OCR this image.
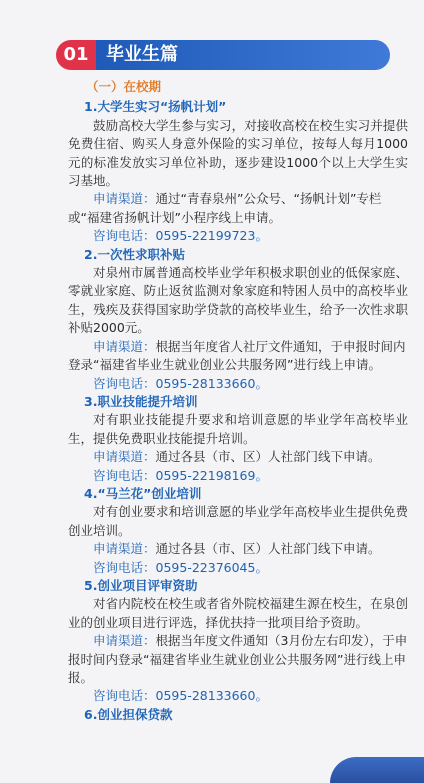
01 毕业生篇

（一）在校期

1.大学生实习“扬帆计划”

鼓励高校大学生参与实习，对接收高校在校生实习并提供免费住宿、购买人身意外保险的实习单位，按每人每月1000元的标准发放实习单位补助，逐步建设1000个以上大学生实习基地。

申请渠道：通过“青春泉州”公众号、“扬帆计划”专栏或“福建省扬帆计划”小程序线上申请。

咨询电话：0595-22199723。

2.一次性求职补贴

对泉州市属普通高校毕业学年积极求职创业的低保家庭、零就业家庭、防止返贫监测对象家庭和特困人员中的高校毕业生，残疾及获得国家助学贷款的高校毕业生，给予一次性求职补贴2000元。

申请渠道：根据当年度省人社厅文件通知，于申报时间内登录“福建省毕业生就业创业公共服务网”进行线上申请。

咨询电话：0595-28133660。

3.职业技能提升培训

对有职业技能提升要求和培训意愿的毕业学年高校毕业生，提供免费职业技能提升培训。

申请渠道：通过各县（市、区）人社部门线下申请。

咨询电话：0595-22198169。

4.“马兰花”创业培训

对有创业要求和培训意愿的毕业学年高校毕业生提供免费创业培训。

申请渠道：通过各县（市、区）人社部门线下申请。

咨询电话：0595-22376045。

5.创业项目评审资助

对省内院校在校生或者省外院校福建生源在校生，在泉创业的创业项目进行评选，择优扶持一批项目给予资助。

申请渠道：根据当年度文件通知（3月份左右印发），于申报时间内登录“福建省毕业生就业创业公共服务网”进行线上申报。

咨询电话：0595-28133660。

6.创业担保贷款
